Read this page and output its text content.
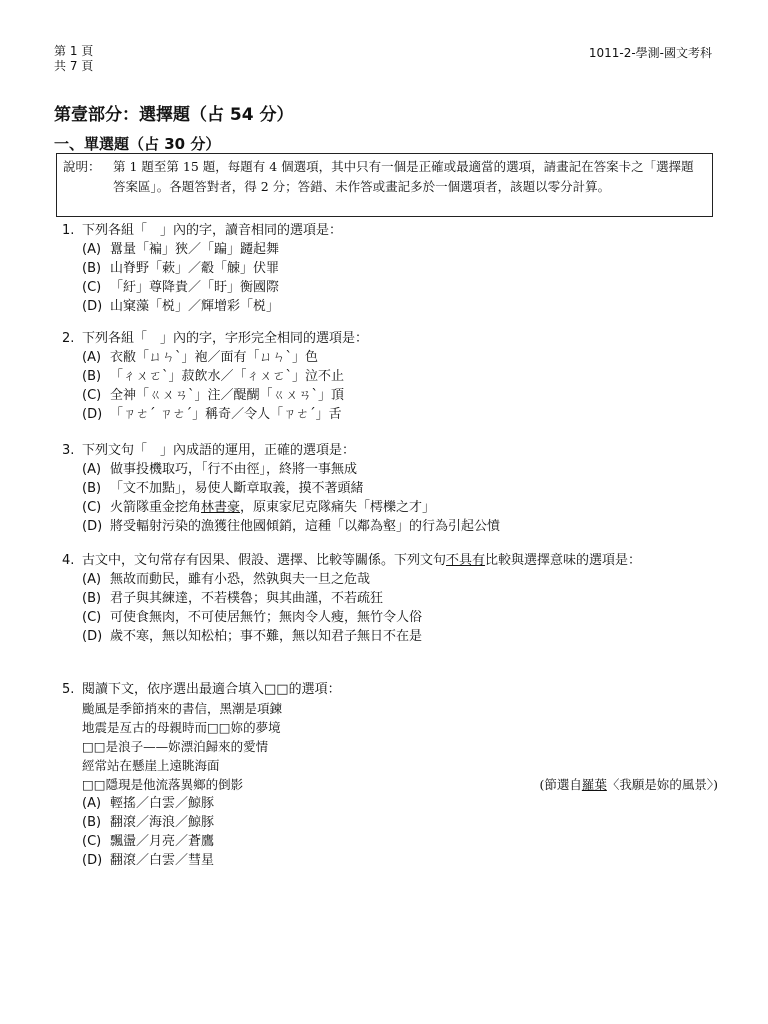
第 1 頁
共 7 頁
1011-2-學測-國文考科
第壹部分：選擇題（占 54 分）
一、單選題（占 30 分）
說明： 第 1 題至第 15 題，每題有 4 個選項，其中只有一個是正確或最適當的選項，請畫記在答案卡之「選擇題答案區」。各題答對者，得 2 分；答錯、未作答或畫記多於一個選項者，該題以零分計算。
1. 下列各組「　」內的字，讀音相同的選項是：
(A) 囂量「褊」狹／「蹁」躚起舞
(B) 山脊野「蔌」／觳「觫」伏罪
(C) 「紆」尊降貴／「盱」衡國際
(D) 山窠藻「棁」／輝增彩「棁」
2. 下列各組「　」內的字，字形完全相同的選項是：
(A) 衣敝「ㄩㄣˋ」袍／面有「ㄩㄣˋ」色
(B) 「ㄔㄨㄛˋ」菽飲水／「ㄔㄨㄛˋ」泣不止
(C) 全神「ㄍㄨㄢˋ」注／醍醐「ㄍㄨㄢˋ」頂
(D) 「ㄗㄜˊ ㄗㄜˊ」稱奇／令人「ㄗㄜˊ」舌
3. 下列文句「　」內成語的運用，正確的選項是：
(A) 做事投機取巧，「行不由徑」，終將一事無成
(B) 「文不加點」，易使人斷章取義，摸不著頭緒
(C) 火箭隊重金挖角林書豪，原東家尼克隊痛失「樗櫟之才」
(D) 將受輻射污染的漁獲往他國傾銷，這種「以鄰為壑」的行為引起公憤
4. 古文中，文句常存有因果、假設、選擇、比較等關係。下列文句不具有比較與選擇意味的選項是：
(A) 無故而動民，雖有小恐，然孰與夫一旦之危哉
(B) 君子與其練達，不若樸魯；與其曲謹，不若疏狂
(C) 可使食無肉，不可使居無竹；無肉令人瘦，無竹令人俗
(D) 歲不寒，無以知松柏；事不難，無以知君子無日不在是
5. 閱讀下文，依序選出最適合填入□□的選項：
颱風是季節捎來的書信，黑潮是項鍊
地震是亙古的母親時而□□妳的夢境
□□是浪子——妳漂泊歸來的愛情
經常站在懸崖上遠眺海面
□□隱現是他流落異鄉的倒影	(節選自羅葉〈我願是妳的風景〉)
(A) 輕搖／白雲／鯨豚
(B) 翻滾／海浪／鯨豚
(C) 飄盪／月亮／蒼鷹
(D) 翻滾／白雲／彗星
